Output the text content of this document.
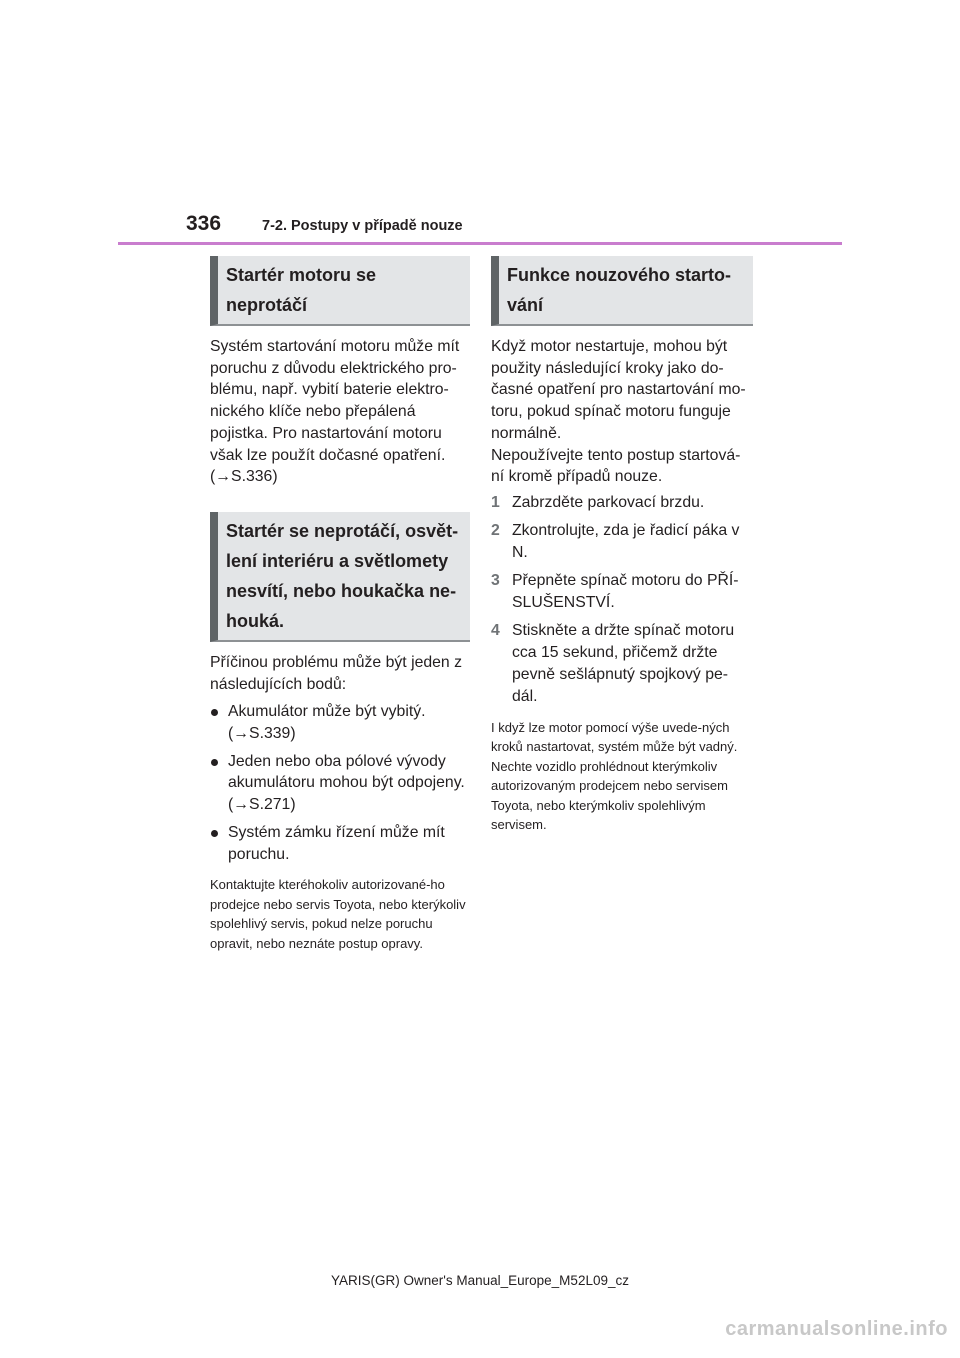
336	7-2. Postupy v případě nouze
Startér motoru se neprotáčí

Systém startování motoru může mít poruchu z důvodu elektrického pro-blému, např. vybití baterie elektro-nického klíče nebo přepálená pojistka. Pro nastartování motoru však lze použít dočasné opatření. (→S.336)

Startér se neprotáčí, osvět-lení interiéru a světlomety nesvítí, nebo houkačka ne-houká.

Příčinou problému může být jeden z následujících bodů:

Akumulátor může být vybitý. (→S.339)
Jeden nebo oba pólové vývody akumulátoru mohou být odpojeny. (→S.271)
Systém zámku řízení může mít poruchu.

Kontaktujte kteréhokoliv autorizované-ho prodejce nebo servis Toyota, nebo kterýkoliv spolehlivý servis, pokud nelze poruchu opravit, nebo neznáte postup opravy.

Funkce nouzového starto-vání

Když motor nestartuje, mohou být použity následující kroky jako do-časné opatření pro nastartování mo-toru, pokud spínač motoru funguje normálně.

Nepoužívejte tento postup startová-ní kromě případů nouze.

1 Zabrzděte parkovací brzdu.
2 Zkontrolujte, zda je řadicí páka v N.
3 Přepněte spínač motoru do PŘÍ-SLUŠENSTVÍ.
4 Stiskněte a držte spínač motoru cca 15 sekund, přičemž držte pevně sešlápnutý spojkový pe-dál.

I když lze motor pomocí výše uvede-ných kroků nastartovat, systém může být vadný. Nechte vozidlo prohlédnout kterýmkoliv autorizovaným prodejcem nebo servisem Toyota, nebo kterýmkoliv spolehlivým servisem.

YARIS(GR) Owner's Manual_Europe_M52L09_cz
carmanualsonline.info
